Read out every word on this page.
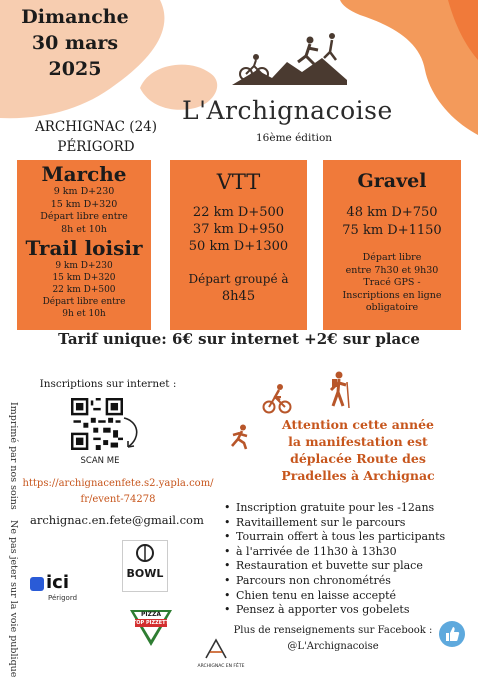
Dimanche
30 mars
2025
ARCHIGNAC (24)
PÉRIGORD
L'Archignacoise
16ème édition
Marche

9 km D+230

15 km D+320

Départ libre entre

8h et 10h

Trail loisir

9 km D+230

15 km D+320

22 km D+500

Départ libre entre

9h et 10h

VTT

22 km D+500

37 km D+950

50 km D+1300

Départ groupé à

8h45

Gravel

48 km D+750

75 km D+1150

Départ libre

entre 7h30 et 9h30

Tracé GPS -

Inscriptions en ligne

obligatoire

Tarif unique: 6€ sur internet +2€ sur place
Inscriptions sur internet :
SCAN ME
https://archignacenfete.s2.yapla.com/
fr/event-74278
archignac.en.fete@gmail.com
Imprimé par nos soins
Ne pas jeter sur la voie publique
Attention cette année
la manifestation est
déplacée Route des
Pradelles à Archignac
• Inscription gratuite pour les -12ans
• Ravitaillement sur le parcours
• Tourrain offert à tous les participants
• à l'arrivée de 11h30 à 13h30
• Restauration et buvette sur place
• Parcours non chronométrés
• Chien tenu en laisse accepté
• Pensez à apporter vos gobelets
Plus de renseignements sur Facebook :
@L'Archignacoise
BOWL
ici
Périgord
PIZZA
TOP PIZZETT
ARCHIGNAC EN FÊTE
